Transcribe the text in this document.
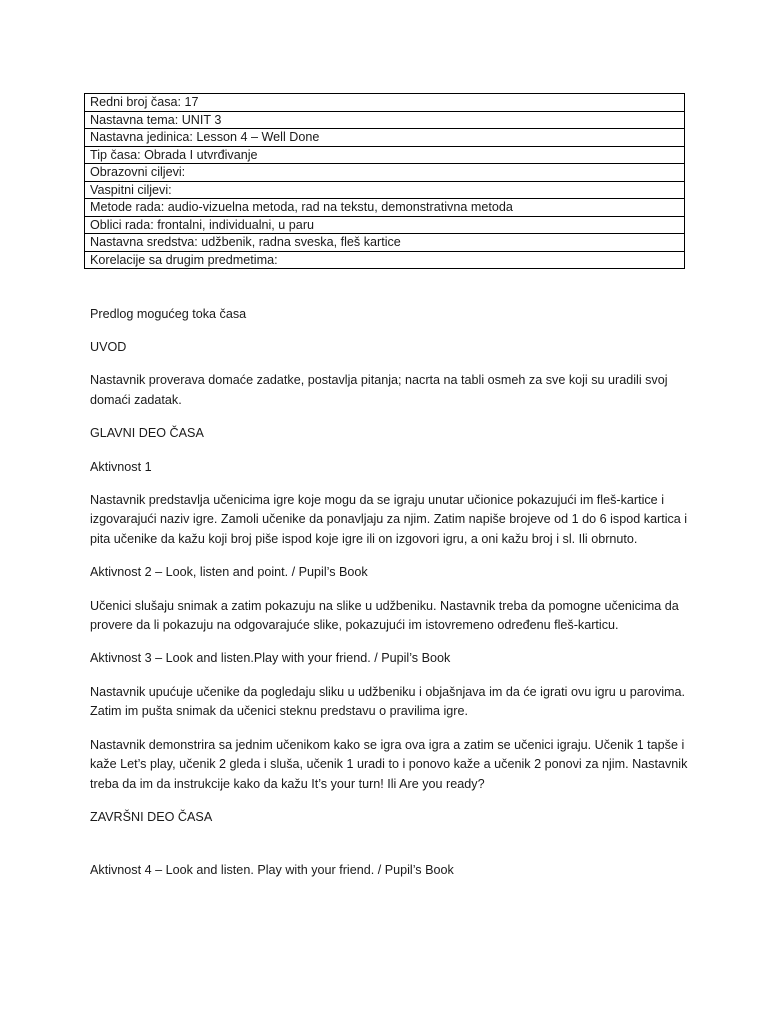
Redni broj časa: 17
Nastavna tema: UNIT 3
Nastavna jedinica: Lesson 4 – Well Done
Tip časa: Obrada I utvrđivanje
Obrazovni ciljevi:
Vaspitni ciljevi:
Metode rada: audio-vizuelna metoda, rad na tekstu, demonstrativna metoda
Oblici rada: frontalni, individualni, u paru
Nastavna sredstva: udžbenik, radna sveska, fleš kartice
Korelacije sa drugim predmetima:

Predlog mogućeg toka časa

UVOD

Nastavnik proverava domaće zadatke, postavlja pitanja; nacrta na tabli osmeh za sve koji su uradili svoj domaći zadatak.

GLAVNI DEO ČASA

Aktivnost 1

Nastavnik predstavlja učenicima igre koje mogu da se igraju unutar učionice pokazujući im fleš-kartice i izgovarajući naziv igre. Zamoli učenike da ponavljaju za njim. Zatim napiše brojeve od 1 do 6 ispod kartica i pita učenike da kažu koji broj piše ispod koje igre ili on izgovori igru, a oni kažu broj i sl. Ili obrnuto.

Aktivnost 2 – Look, listen and point. / Pupil’s Book

Učenici slušaju snimak a zatim pokazuju na slike u udžbeniku. Nastavnik treba da pomogne učenicima da provere da li pokazuju na odgovarajuće slike, pokazujući im istovremeno određenu fleš-karticu.

Aktivnost 3 – Look and listen.Play with your friend. / Pupil’s Book

Nastavnik upućuje učenike da pogledaju sliku u udžbeniku i objašnjava im da će igrati ovu igru u parovima. Zatim im pušta snimak da učenici steknu predstavu o pravilima igre.

Nastavnik demonstrira sa jednim učenikom kako se igra ova igra a zatim se učenici igraju. Učenik 1 tapše i kaže Let’s play, učenik 2 gleda i sluša, učenik 1 uradi to i ponovo kaže a učenik 2 ponovi za njim. Nastavnik treba da im da instrukcije kako da kažu It’s your turn! Ili Are you ready?

ZAVRŠNI DEO ČASA

Aktivnost 4 – Look and listen. Play with your friend. / Pupil’s Book
